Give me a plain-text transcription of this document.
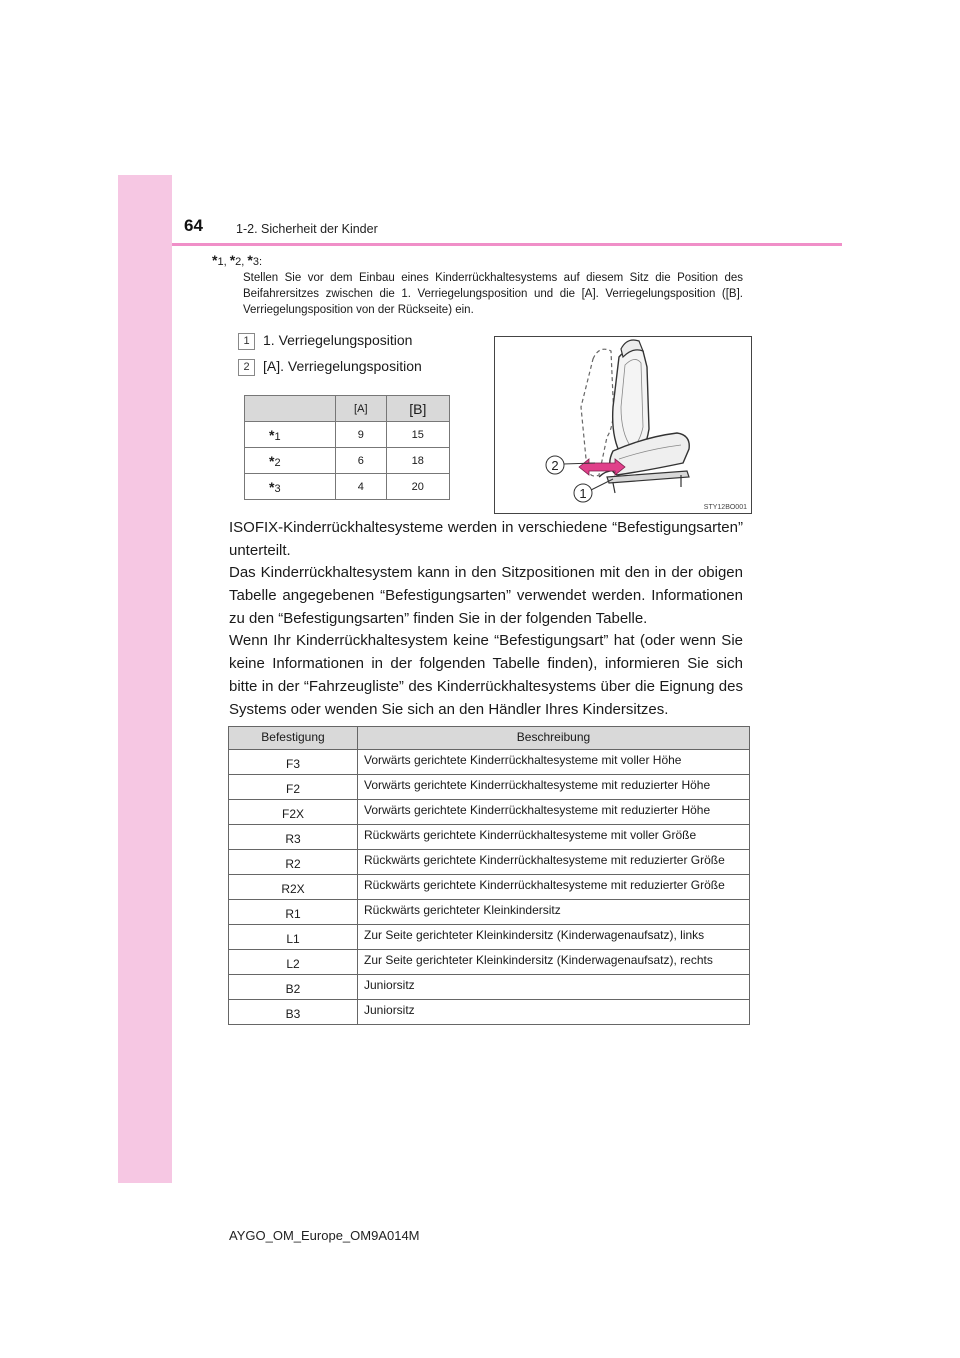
64	1-2. Sicherheit der Kinder
*1, *2, *3:
Stellen Sie vor dem Einbau eines Kinderrückhaltesystems auf diesem Sitz die Position des Beifahrersitzes zwischen die 1. Verriegelungsposition und die [A]. Verriegelungsposition ([B]. Verriegelungsposition von der Rückseite) ein.
1 1. Verriegelungsposition
2 [A]. Verriegelungsposition
	[A]	[B]
*1	9	15
*2	6	18
*3	4	20
2
1
STY12BO001

ISOFIX-Kinderrückhaltesysteme werden in verschiedene “Befestigungsarten” unterteilt.

Das Kinderrückhaltesystem kann in den Sitzpositionen mit den in der obigen Tabelle angegebenen “Befestigungsarten” verwendet werden. Informationen zu den “Befestigungsarten” finden Sie in der folgenden Tabelle.

Wenn Ihr Kinderrückhaltesystem keine “Befestigungsart” hat (oder wenn Sie keine Informationen in der folgenden Tabelle finden), informieren Sie sich bitte in der “Fahrzeugliste” des Kinderrückhaltesystems über die Eignung des Systems oder wenden Sie sich an den Händler Ihres Kindersitzes.

Befestigung	Beschreibung
F3	Vorwärts gerichtete Kinderrückhaltesysteme mit voller Höhe
F2	Vorwärts gerichtete Kinderrückhaltesysteme mit reduzierter Höhe
F2X	Vorwärts gerichtete Kinderrückhaltesysteme mit reduzierter Höhe
R3	Rückwärts gerichtete Kinderrückhaltesysteme mit voller Größe
R2	Rückwärts gerichtete Kinderrückhaltesysteme mit reduzierter Größe
R2X	Rückwärts gerichtete Kinderrückhaltesysteme mit reduzierter Größe
R1	Rückwärts gerichteter Kleinkindersitz
L1	Zur Seite gerichteter Kleinkindersitz (Kinderwagenaufsatz), links
L2	Zur Seite gerichteter Kleinkindersitz (Kinderwagenaufsatz), rechts
B2	Juniorsitz
B3	Juniorsitz
AYGO_OM_Europe_OM9A014M
